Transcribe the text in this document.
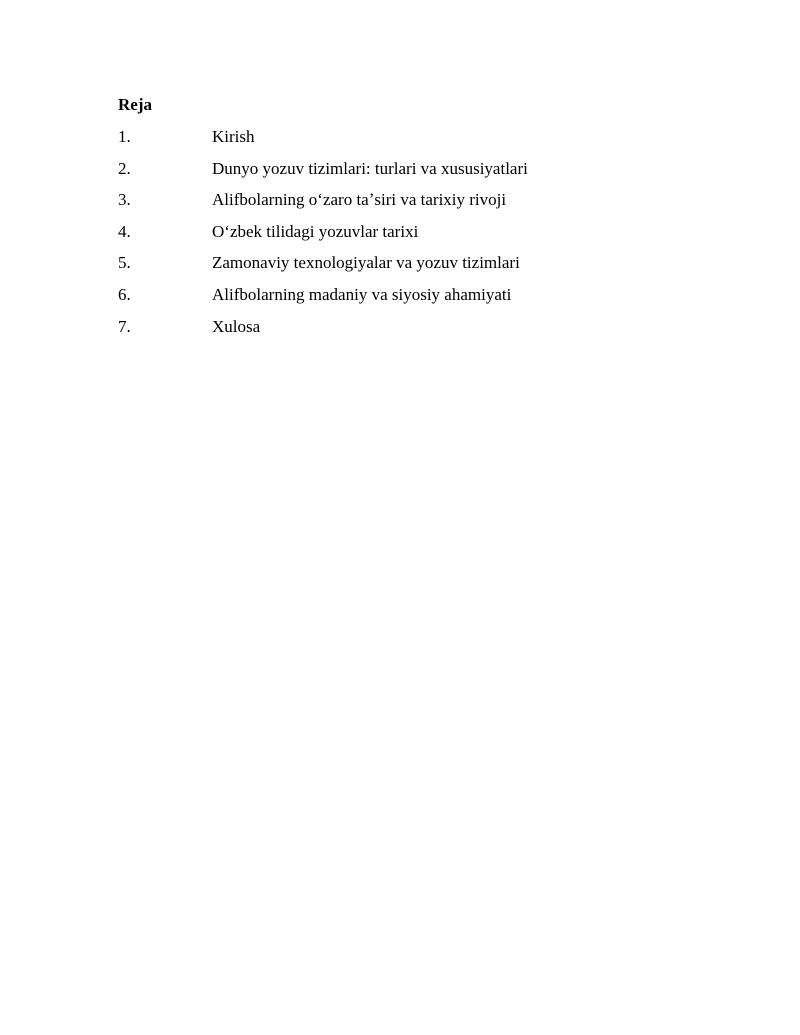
Reja
1.	Kirish
2.	Dunyo yozuv tizimlari: turlari va xususiyatlari
3.	Alifbolarning oʻzaro taʼsiri va tarixiy rivoji
4.	Oʻzbek tilidagi yozuvlar tarixi
5.	Zamonaviy texnologiyalar va yozuv tizimlari
6.	Alifbolarning madaniy va siyosiy ahamiyati
7.	Xulosa
